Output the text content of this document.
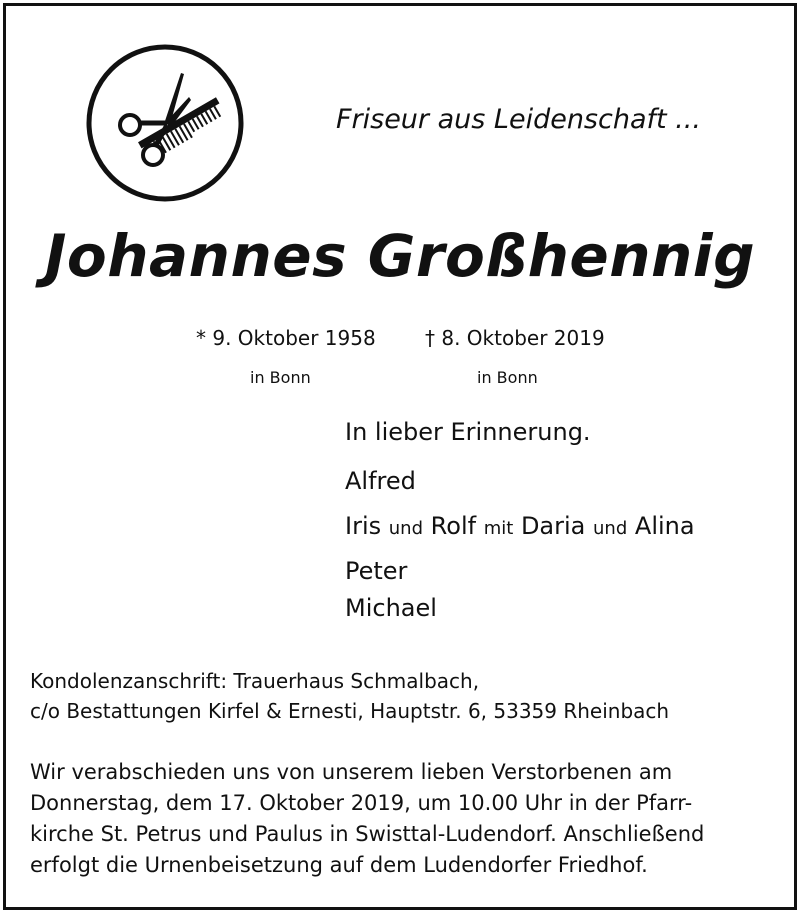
Friseur aus Leidenschaft ...
Johannes Großhennig
* 9. Oktober 1958 † 8. Oktober 2019
in Bonn	in Bonn
In lieber Erinnerung.
Alfred
Iris und Rolf mit Daria und Alina
Peter
Michael
Kondolenzanschrift: Trauerhaus Schmalbach,
c/o Bestattungen Kirfel & Ernesti, Hauptstr. 6, 53359 Rheinbach
Wir verabschieden uns von unserem lieben Verstorbenen am
Donnerstag, dem 17. Oktober 2019, um 10.00 Uhr in der Pfarr-
kirche St. Petrus und Paulus in Swisttal-Ludendorf. Anschließend
erfolgt die Urnenbeisetzung auf dem Ludendorfer Friedhof.
